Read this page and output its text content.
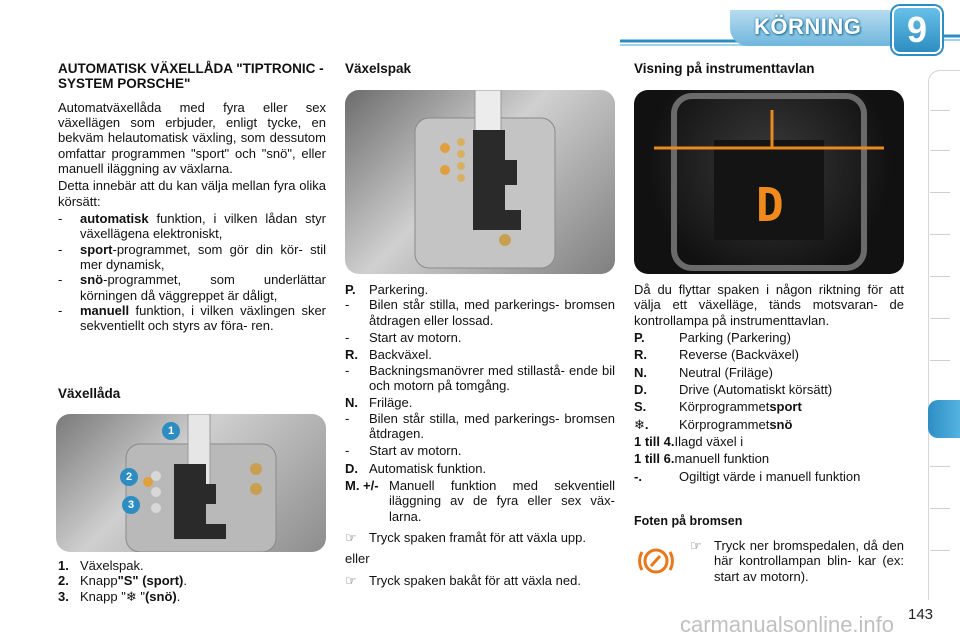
KÖRNING	9
AUTOMATISK VÄXELLÅDA "TIPTRONIC - SYSTEM PORSCHE"

Automatväxellåda med fyra eller sex växellägen som erbjuder, enligt tycke, en bekväm helautomatisk växling, som dessutom omfattar programmen "sport" och "snö", eller manuell iläggning av växlarna.

Detta innebär att du kan välja mellan fyra olika körsätt:

-	automatisk funktion, i vilken lådan styr växellägena elektroniskt,
-	sport-programmet, som gör din kör- stil mer dynamisk,
-	snö-programmet, som underlättar körningen då väggreppet är dåligt,
-	manuell funktion, i vilken växlingen sker sekventiellt och styrs av föra- ren.
Växellåda
1
2
3
1. Växelspak.
2. Knapp "S" (sport) .
3. Knapp "❄ " (snö) .
Växelspak
P.	Parkering.
-	Bilen står stilla, med parkerings- bromsen åtdragen eller lossad.
-	Start av motorn.
R. Backväxel.
-	Backningsmanövrer med stillastå- ende bil och motorn på tomgång.
N. Friläge.
-	Bilen står stilla, med parkerings- bromsen åtdragen.
-	Start av motorn.
D. Automatisk funktion.
M. +/- Manuell funktion med sekventiell iläggning av de fyra eller sex väx- larna.
☞ Tryck spaken framåt för att växla upp.

eller

☞ Tryck spaken bakåt för att växla ned.
Visning på instrumenttavlan
D

Då du flyttar spaken i någon riktning för att välja ett växelläge, tänds motsvaran- de kontrollampa på instrumenttavlan.

P.	Parking (Parkering)
R.	Reverse (Backväxel)
N.	Neutral (Friläge)
D.	Drive (Automatiskt körsätt)
S.	Körprogrammet sport
❄.	Körprogrammet snö
1 till 4. Ilagd växel i
1 till 6. manuell funktion
-.	Ogiltigt värde i manuell funktion
Foten på bromsen
☞ Tryck ner bromspedalen, då den här kontrollampan blin- kar (ex: start av motorn).
carmanualsonline.info 143
